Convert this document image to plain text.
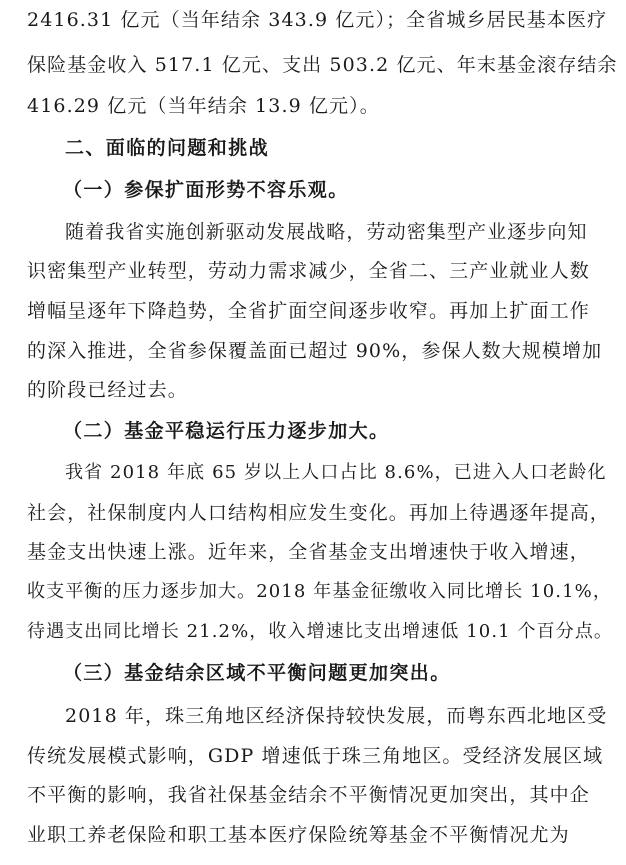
2416.31 亿元（当年结余 343.9 亿元）；全省城乡居民基本医疗
保险基金收入 517.1 亿元、支出 503.2 亿元、年末基金滚存结余
416.29 亿元（当年结余 13.9 亿元）。
二、面临的问题和挑战
（一）参保扩面形势不容乐观。
随着我省实施创新驱动发展战略，劳动密集型产业逐步向知
识密集型产业转型，劳动力需求减少，全省二、三产业就业人数
增幅呈逐年下降趋势，全省扩面空间逐步收窄。再加上扩面工作
的深入推进，全省参保覆盖面已超过 90%，参保人数大规模增加
的阶段已经过去。
（二）基金平稳运行压力逐步加大。
我省 2018 年底 65 岁以上人口占比 8.6%，已进入人口老龄化
社会，社保制度内人口结构相应发生变化。再加上待遇逐年提高，
基金支出快速上涨。近年来，全省基金支出增速快于收入增速，
收支平衡的压力逐步加大。2018 年基金征缴收入同比增长 10.1%，
待遇支出同比增长 21.2%，收入增速比支出增速低 10.1 个百分点。
（三）基金结余区域不平衡问题更加突出。
2018 年，珠三角地区经济保持较快发展，而粤东西北地区受
传统发展模式影响，GDP 增速低于珠三角地区。受经济发展区域
不平衡的影响，我省社保基金结余不平衡情况更加突出，其中企
业职工养老保险和职工基本医疗保险统筹基金不平衡情况尤为
